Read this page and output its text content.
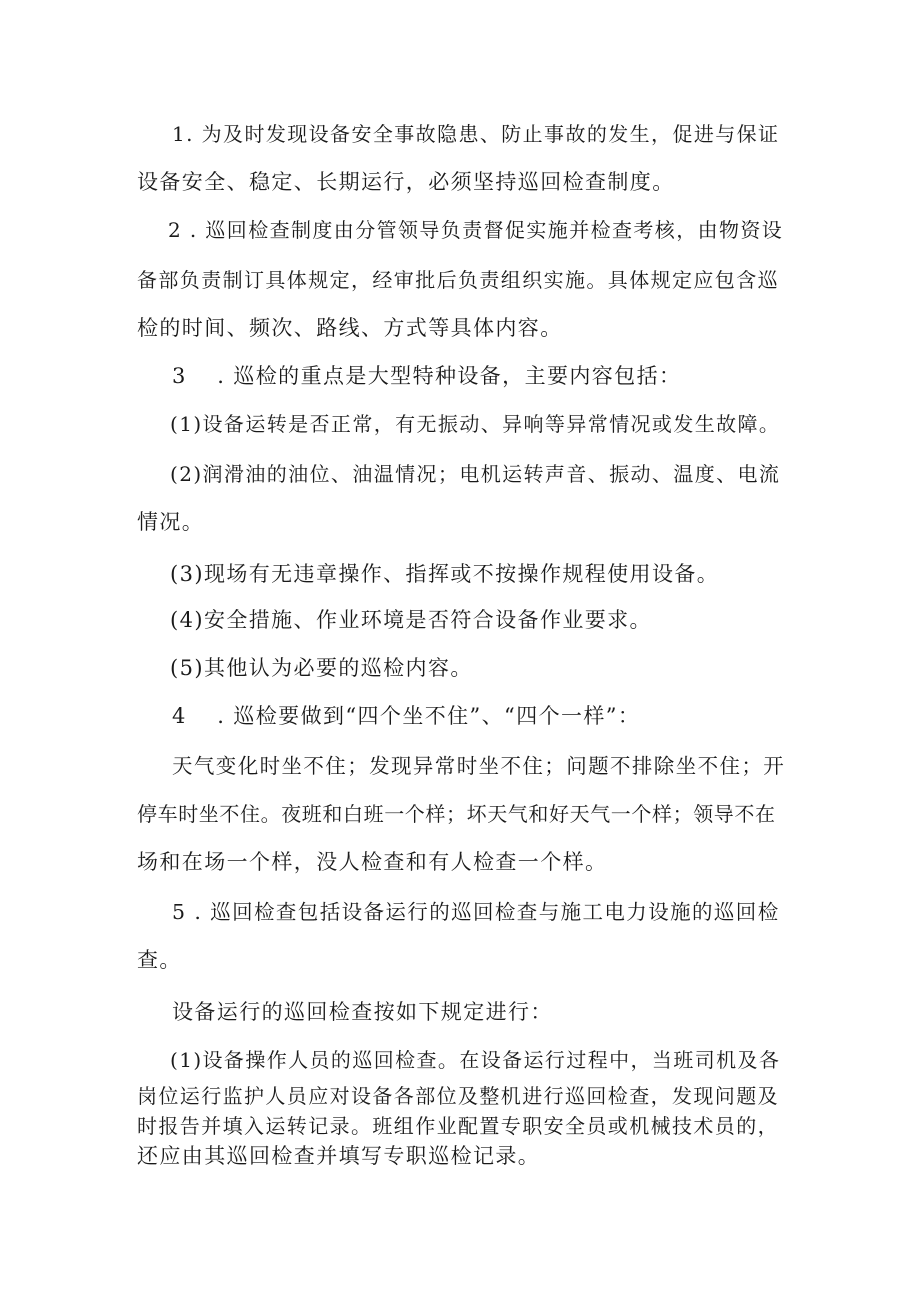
1. 为及时发现设备安全事故隐患、防止事故的发生，促进与保证
设备安全、稳定、长期运行，必须坚持巡回检查制度。
2 . 巡回检查制度由分管领导负责督促实施并检查考核，由物资设
备部负责制订具体规定，经审批后负责组织实施。具体规定应包含巡
检的时间、频次、路线、方式等具体内容。
3　 . 巡检的重点是大型特种设备，主要内容包括：
(1)设备运转是否正常，有无振动、异响等异常情况或发生故障。
(2)润滑油的油位、油温情况；电机运转声音、振动、温度、电流
情况。
(3)现场有无违章操作、指挥或不按操作规程使用设备。
(4)安全措施、作业环境是否符合设备作业要求。
(5)其他认为必要的巡检内容。
4　 . 巡检要做到“四个坐不住”、“四个一样”：
天气变化时坐不住；发现异常时坐不住；问题不排除坐不住；开
停车时坐不住。夜班和白班一个样；坏天气和好天气一个样；领导不在
场和在场一个样，没人检查和有人检查一个样。
5 . 巡回检查包括设备运行的巡回检查与施工电力设施的巡回检
查。
设备运行的巡回检查按如下规定进行：
(1)设备操作人员的巡回检查。在设备运行过程中，当班司机及各
岗位运行监护人员应对设备各部位及整机进行巡回检查，发现问题及
时报告并填入运转记录。班组作业配置专职安全员或机械技术员的，
还应由其巡回检查并填写专职巡检记录。
